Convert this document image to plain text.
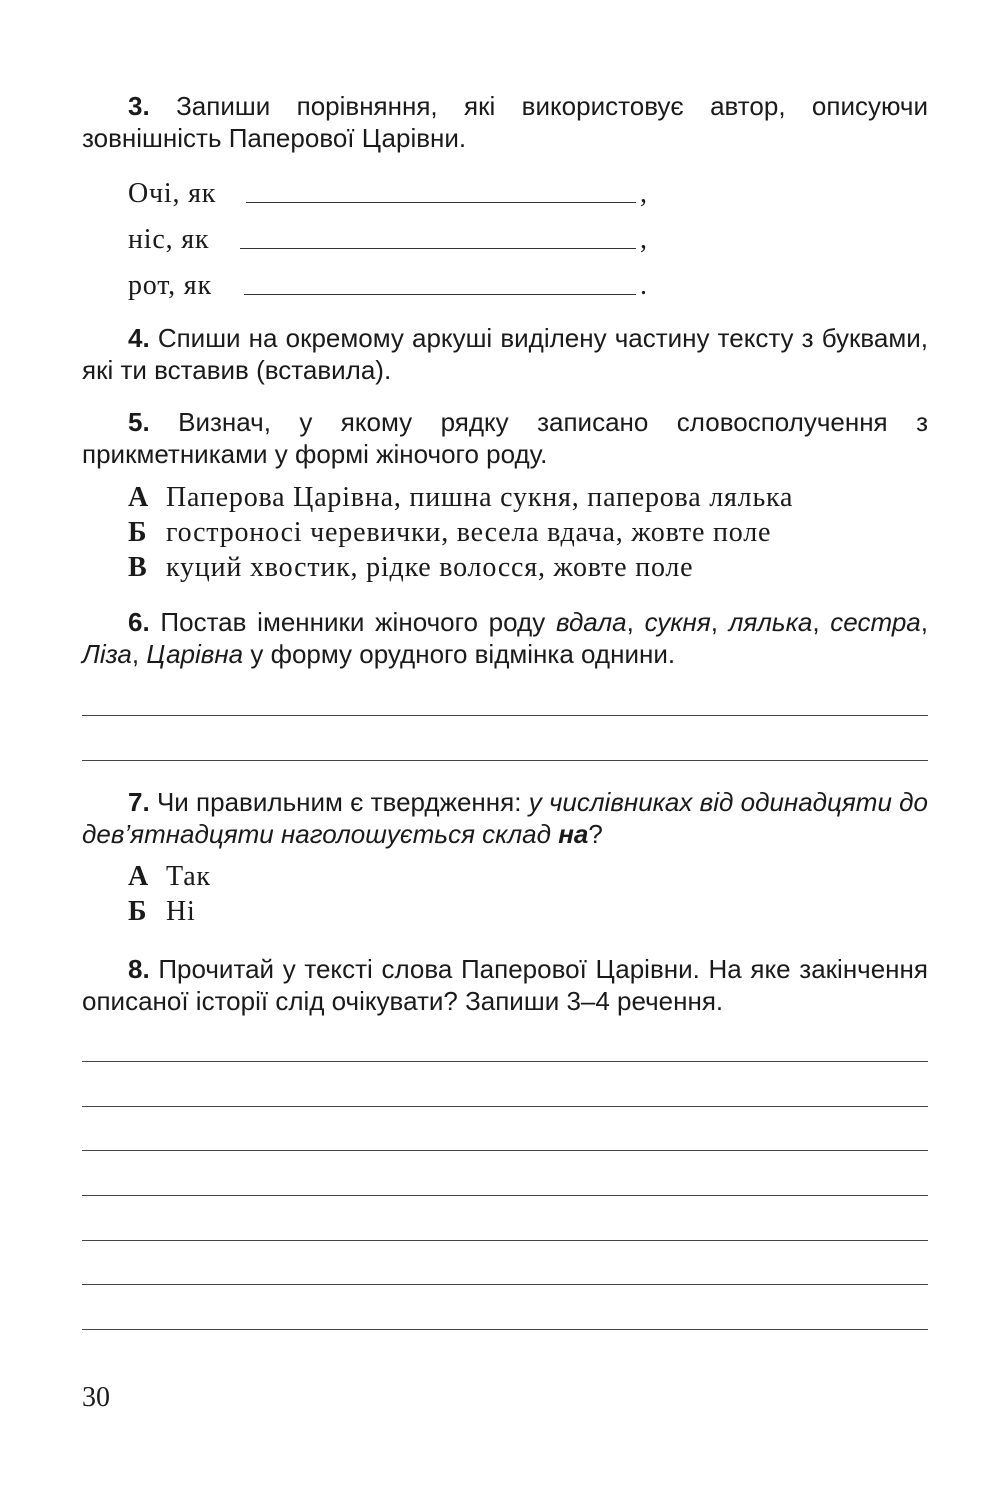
3. Запиши порівняння, які використовує автор, описуючи зовнішність Паперової Царівни.

Очі, як	,
ніс, як	,
рот, як	.

4. Спиши на окремому аркуші виділену частину тексту з буквами, які ти вставив (вставила).

5. Визнач, у якому рядку записано словосполучення з прикметниками у формі жіночого роду.

А Паперова Царівна, пишна сукня, паперова лялька
Б гостроносі черевички, весела вдача, жовте поле
В куций хвостик, рідке волосся, жовте поле

6. Постав іменники жіночого роду вдала, сукня, лялька, сестра, Ліза, Царівна у форму орудного відмінка однини.

7. Чи правильним є твердження: у числівниках від одинадцяти до дев’ятнадцяти наголошується склад на?

А Так
Б Ні

8. Прочитай у тексті слова Паперової Царівни. На яке закінчення описаної історії слід очікувати? Запиши 3–4 речення.

30
